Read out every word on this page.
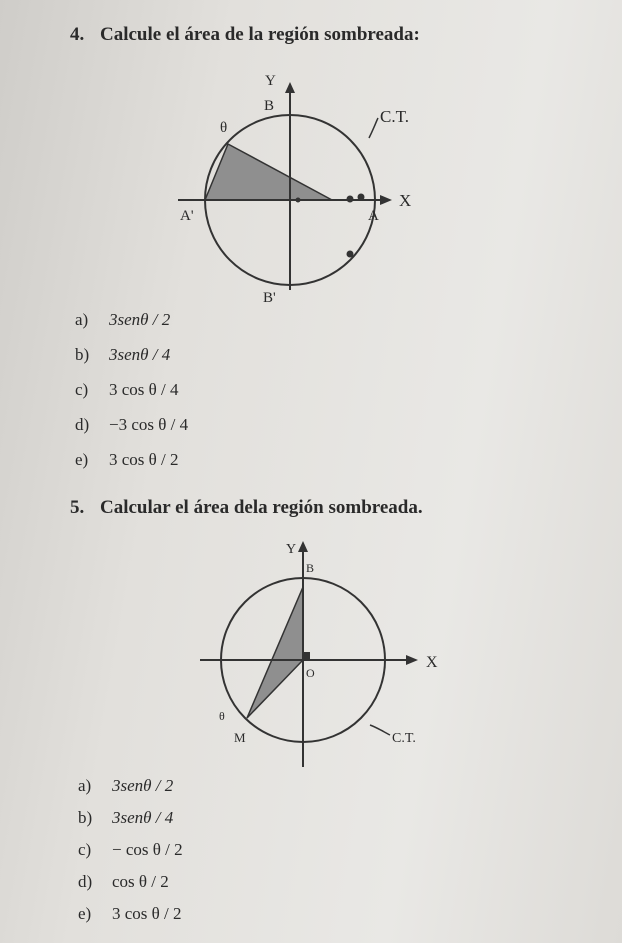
4. Calcule el área de la región sombreada:
Y
B
θ
C.T.
X
A'	A
B'
a)	3senθ / 2
b)	3senθ / 4
c)	3 cos θ / 4
d)	−3 cos θ / 4
e)	3 cos θ / 2
5. Calcular el área dela región sombreada.
Y
B
O
X
θ
M	C.T.
a)	3senθ / 2
b)	3senθ / 4
c)	− cos θ / 2
d)	cos θ / 2
e)	3 cos θ / 2
